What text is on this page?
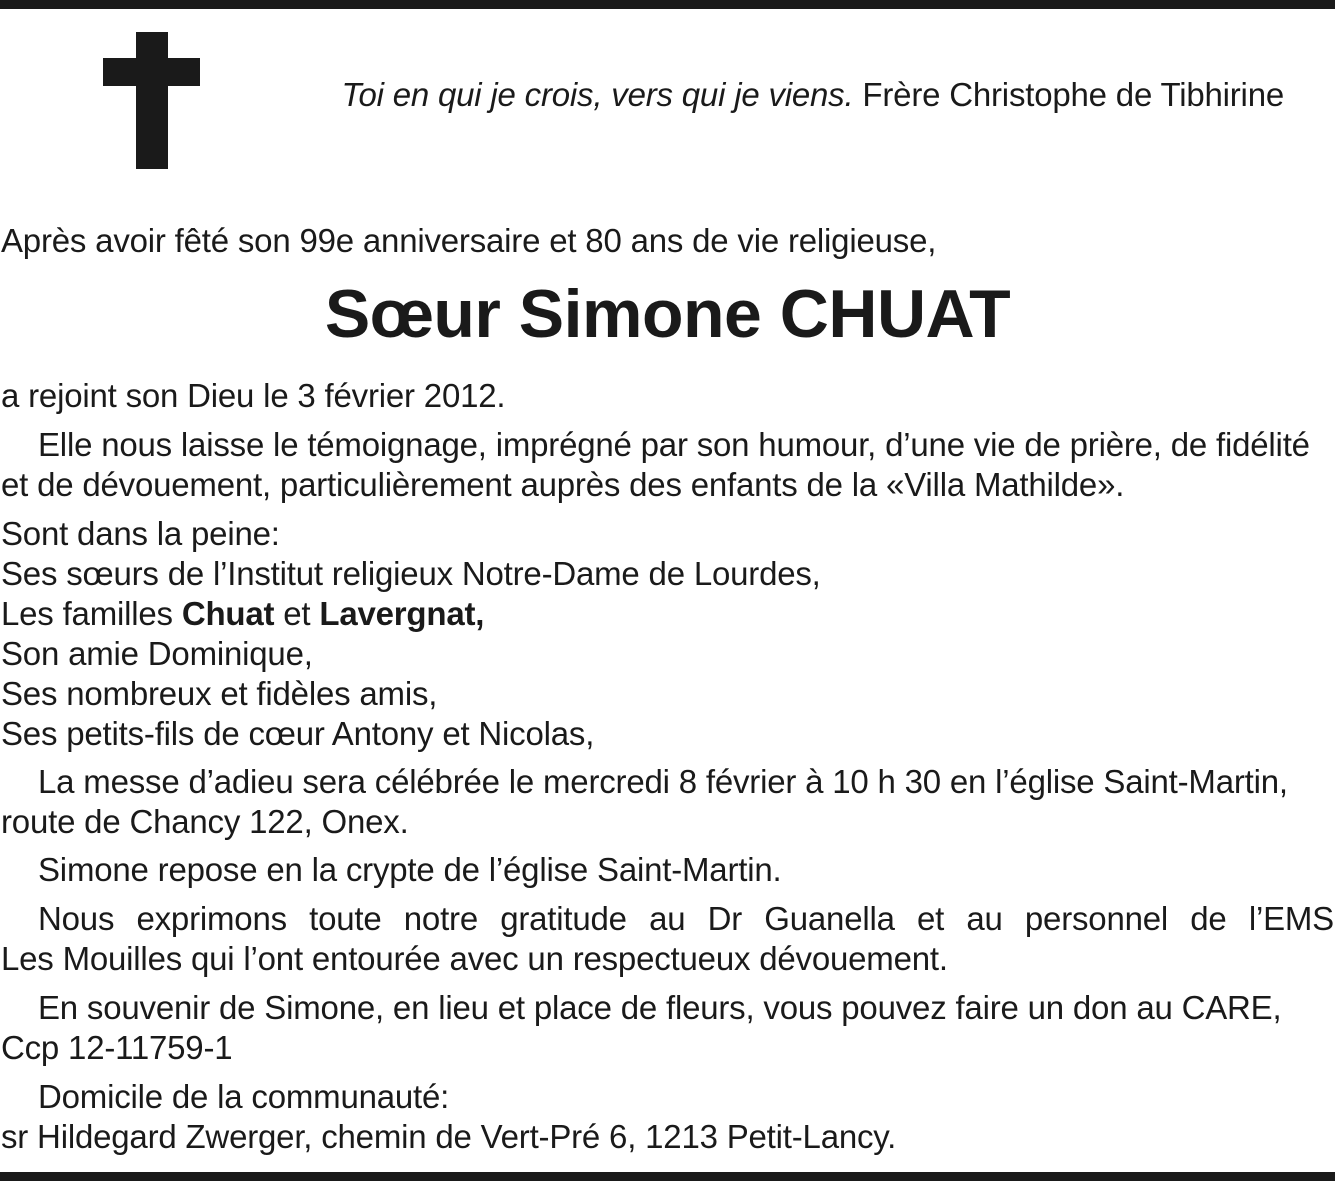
Toi en qui je crois, vers qui je viens. Frère Christophe de Tibhirine
Après avoir fêté son 99e anniversaire et 80 ans de vie religieuse,
Sœur Simone CHUAT
a rejoint son Dieu le 3 février 2012.
Elle nous laisse le témoignage, imprégné par son humour, d’une vie de prière, de fidélité
et de dévouement, particulièrement auprès des enfants de la «Villa Mathilde».
Sont dans la peine:
Ses sœurs de l’Institut religieux Notre-Dame de Lourdes,
Les familles Chuat et Lavergnat,
Son amie Dominique,
Ses nombreux et fidèles amis,
Ses petits-fils de cœur Antony et Nicolas,
La messe d’adieu sera célébrée le mercredi 8 février à 10 h 30 en l’église Saint-Martin,
route de Chancy 122, Onex.
Simone repose en la crypte de l’église Saint-Martin.
Nous exprimons toute notre gratitude au Dr Guanella et au personnel de l’EMS
Les Mouilles qui l’ont entourée avec un respectueux dévouement.
En souvenir de Simone, en lieu et place de fleurs, vous pouvez faire un don au CARE,
Ccp 12-11759-1
Domicile de la communauté:
sr Hildegard Zwerger, chemin de Vert-Pré 6, 1213 Petit-Lancy.
